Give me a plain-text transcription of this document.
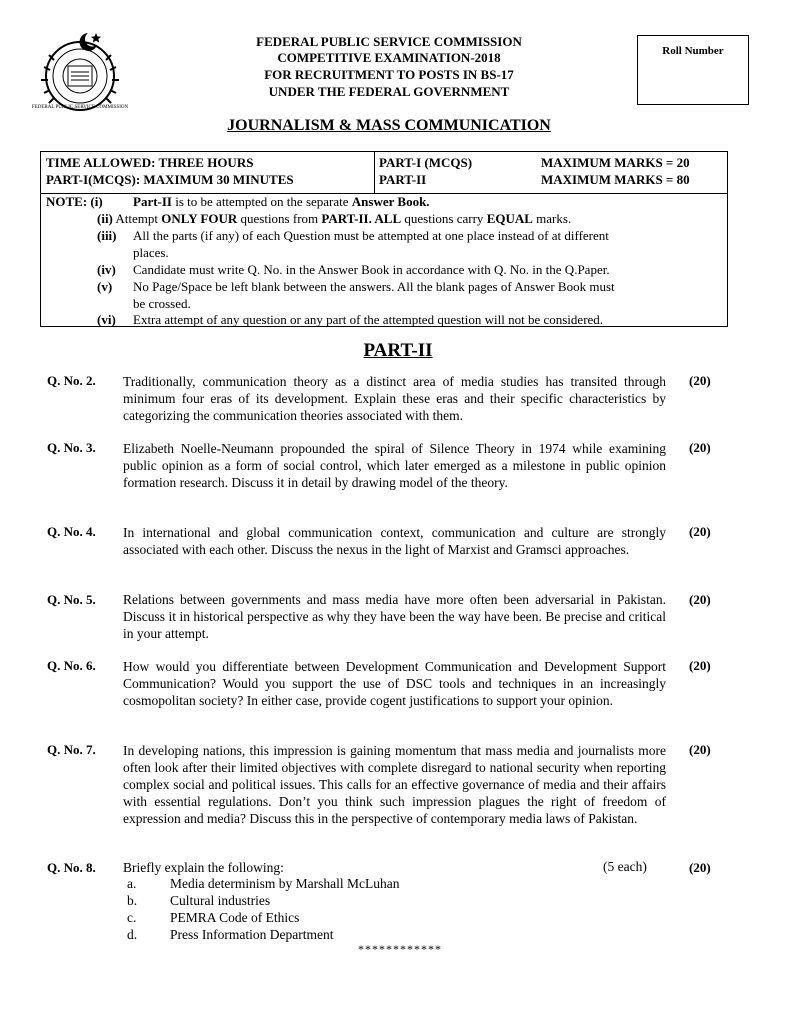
FEDERAL PUBLIC SERVICE COMMISSION
FEDERAL PUBLIC SERVICE COMMISSION
COMPETITIVE EXAMINATION-2018
FOR RECRUITMENT TO POSTS IN BS-17
UNDER THE FEDERAL GOVERNMENT
Roll Number
JOURNALISM & MASS COMMUNICATION
TIME ALLOWED: THREE HOURS
PART-I(MCQS): MAXIMUM 30 MINUTES
PART-I (MCQS)
PART-II
MAXIMUM MARKS = 20
MAXIMUM MARKS = 80
NOTE: (i) Part-II is to be attempted on the separate Answer Book.
(ii) Attempt ONLY FOUR questions from PART-II. ALL questions carry EQUAL marks.
(iii) All the parts (if any) of each Question must be attempted at one place instead of at different
places.
(iv) Candidate must write Q. No. in the Answer Book in accordance with Q. No. in the Q.Paper.
(v) No Page/Space be left blank between the answers. All the blank pages of Answer Book must
be crossed.
(vi) Extra attempt of any question or any part of the attempted question will not be considered.
PART-II
Q. No. 2. Traditionally, communication theory as a distinct area of media studies has transited through minimum four eras of its development. Explain these eras and their specific characteristics by categorizing the communication theories associated with them.
(20)
Q. No. 3. Elizabeth Noelle-Neumann propounded the spiral of Silence Theory in 1974 while examining public opinion as a form of social control, which later emerged as a milestone in public opinion formation research. Discuss it in detail by drawing model of the theory.
(20)
Q. No. 4. In international and global communication context, communication and culture are strongly associated with each other. Discuss the nexus in the light of Marxist and Gramsci approaches.
(20)
Q. No. 5. Relations between governments and mass media have more often been adversarial in Pakistan. Discuss it in historical perspective as why they have been the way have been. Be precise and critical in your attempt.
(20)
Q. No. 6. How would you differentiate between Development Communication and Development Support Communication? Would you support the use of DSC tools and techniques in an increasingly cosmopolitan society? In either case, provide cogent justifications to support your opinion.
(20)
Q. No. 7. In developing nations, this impression is gaining momentum that mass media and journalists more often look after their limited objectives with complete disregard to national security when reporting complex social and political issues. This calls for an effective governance of media and their affairs with essential regulations. Don’t you think such impression plagues the right of freedom of expression and media? Discuss this in the perspective of contemporary media laws of Pakistan.
(20)
Q. No. 8. Briefly explain the following:	(5 each)	(20)
a. Media determinism by Marshall McLuhan
b. Cultural industries
c. PEMRA Code of Ethics
d. Press Information Department
************
